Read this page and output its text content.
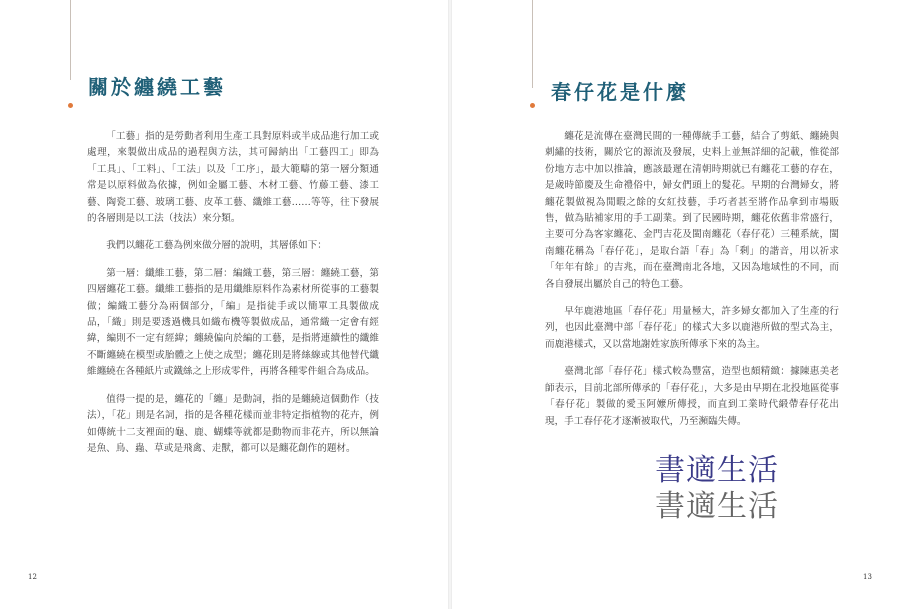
關於纏繞工藝

「工藝」指的是勞動者利用生產工具對原料或半成品進行加工或處理，來製做出成品的過程與方法，其可歸納出「工藝四工」即為「工具」、「工料」、「工法」以及「工序」，最大範疇的第一層分類通常是以原料做為依據，例如金屬工藝、木材工藝、竹藤工藝、漆工藝、陶瓷工藝、玻璃工藝、皮革工藝、纖維工藝……等等，往下發展的各層則是以工法（技法）來分類。

我們以纏花工藝為例來做分層的說明，其層係如下：

第一層：纖維工藝，第二層：編織工藝，第三層：纏繞工藝，第四層纏花工藝。纖維工藝指的是用纖維原料作為素材所從事的工藝製做；編織工藝分為兩個部分，「編」是指徒手或以簡單工具製做成品，「織」則是要透過機具如織布機等製做成品，通常織一定會有經緯，編則不一定有經緯；纏繞偏向於編的工藝，是指將連續性的纖維不斷纏繞在模型或胎體之上使之成型；纏花則是將絲線或其他替代纖維纏繞在各種紙片或鐵絲之上形成零件，再將各種零件組合為成品。

值得一提的是，纏花的「纏」是動詞，指的是纏繞這個動作（技法），「花」則是名詞，指的是各種花樣而並非特定指植物的花卉，例如傳統十二支裡面的龜、鹿、蝴蝶等就都是動物而非花卉，所以無論是魚、鳥、蟲、草或是飛禽、走獸，都可以是纏花創作的題材。

12
春仔花是什麼

纏花是流傳在臺灣民間的一種傳統手工藝，結合了剪紙、纏繞與刺繡的技術，關於它的源流及發展，史料上並無詳細的記載，惟從部份地方志中加以推論，應該最遲在清朝時期就已有纏花工藝的存在，是歲時節慶及生命禮俗中，婦女們頭上的髮花。早期的台灣婦女，將纏花製做視為閒暇之餘的女紅技藝，手巧者甚至將作品拿到市場販售，做為貼補家用的手工副業。到了民國時期，纏花依舊非常盛行，主要可分為客家纏花、金門吉花及閩南纏花（春仔花）三種系統，閩南纏花稱為「春仔花」，是取台語「春」為「剩」的諧音，用以祈求「年年有餘」的吉兆，而在臺灣南北各地，又因為地域性的不同，而各自發展出屬於自己的特色工藝。

早年鹿港地區「春仔花」用量極大，許多婦女都加入了生產的行列，也因此臺灣中部「春仔花」的樣式大多以鹿港所做的型式為主，而鹿港樣式，又以當地謝姓家族所傳承下來的為主。

臺灣北部「春仔花」樣式較為豐富，造型也頗精緻：據陳惠美老師表示，目前北部所傳承的「春仔花」，大多是由早期在北投地區從事「春仔花」製做的愛玉阿嬤所傳授，而直到工業時代緞帶春仔花出現，手工春仔花才逐漸被取代，乃至瀕臨失傳。

13
書適生活
書適生活
